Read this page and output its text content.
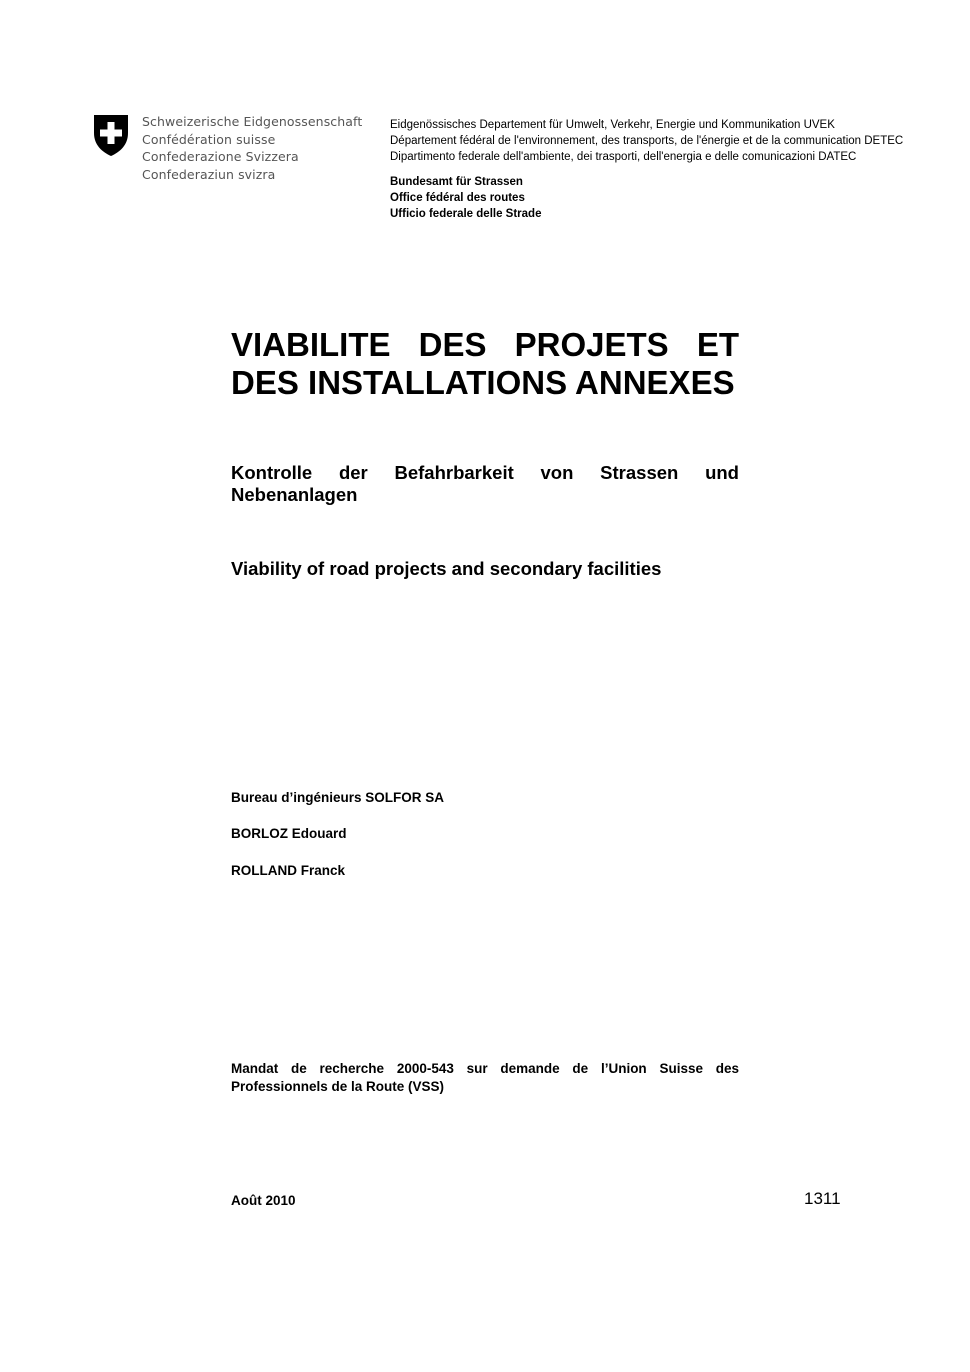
Schweizerische Eidgenossenschaft
Confédération suisse
Confederazione Svizzera
Confederaziun svizra
Eidgenössisches Departement für Umwelt, Verkehr, Energie und Kommunikation UVEK
Département fédéral de l'environnement, des transports, de l'énergie et de la communication DETEC
Dipartimento federale dell'ambiente, dei trasporti, dell'energia e delle comunicazioni DATEC
Bundesamt für Strassen
Office fédéral des routes
Ufficio federale delle Strade
VIABILITE DES PROJETS ET DES INSTALLATIONS ANNEXES
Kontrolle der Befahrbarkeit von Strassen und Nebenanlagen
Viability of road projects and secondary facilities
Bureau d’ingénieurs SOLFOR SA
BORLOZ Edouard
ROLLAND Franck
Mandat de recherche 2000-543 sur demande de l’Union Suisse des Professionnels de la Route (VSS)
Août 2010	1311
